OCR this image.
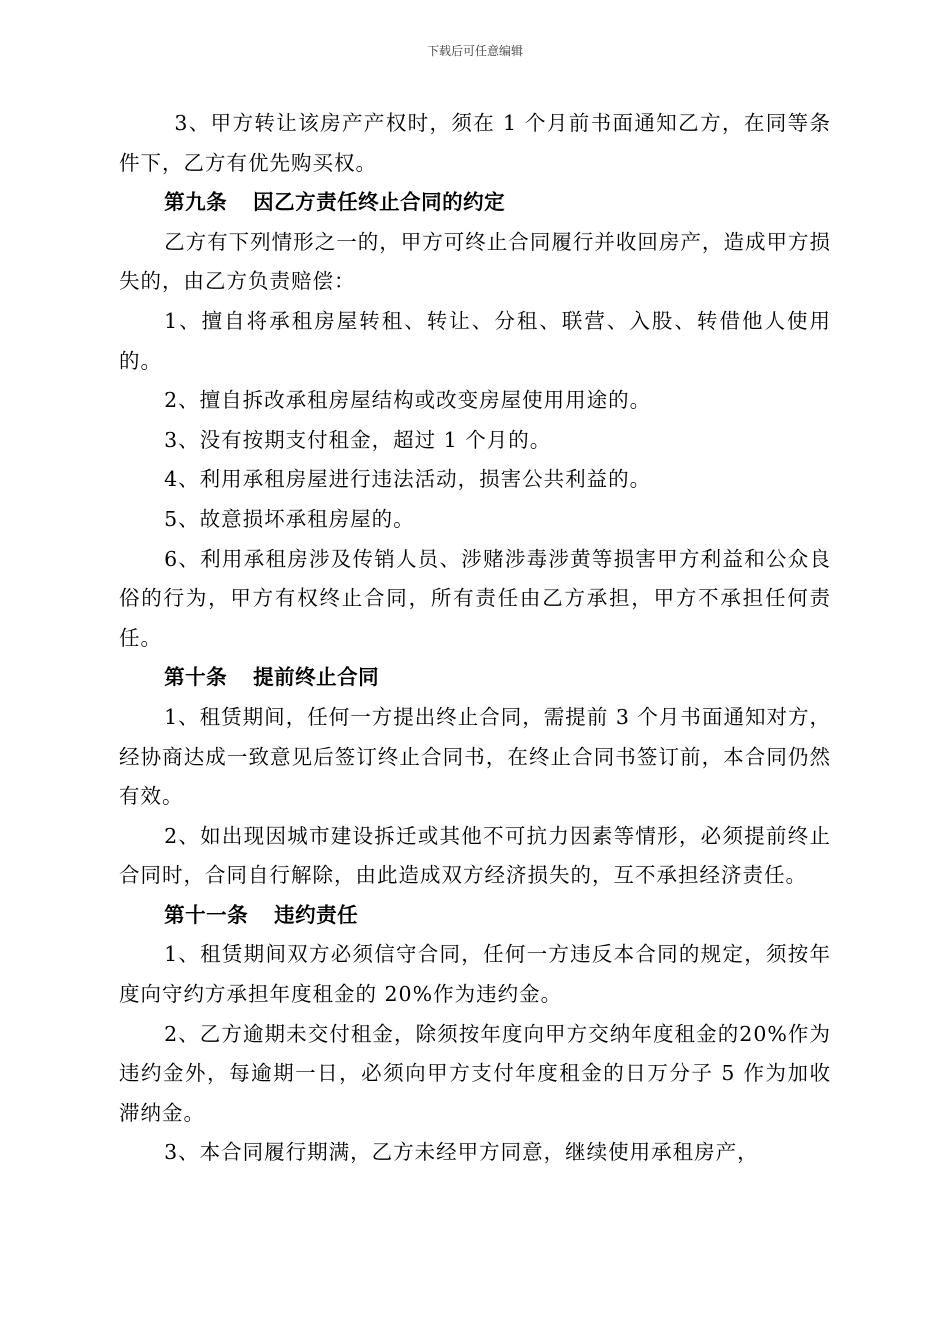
下载后可任意编辑

3、甲方转让该房产产权时，须在 1 个月前书面通知乙方，在同等条件下，乙方有优先购买权。

第九条 因乙方责任终止合同的约定

乙方有下列情形之一的，甲方可终止合同履行并收回房产，造成甲方损失的，由乙方负责赔偿：

1、擅自将承租房屋转租、转让、分租、联营、入股、转借他人使用的。

2、擅自拆改承租房屋结构或改变房屋使用用途的。

3、没有按期支付租金，超过 1 个月的。

4、利用承租房屋进行违法活动，损害公共利益的。

5、故意损坏承租房屋的。

6、利用承租房涉及传销人员、涉赌涉毒涉黄等损害甲方利益和公众良俗的行为，甲方有权终止合同，所有责任由乙方承担，甲方不承担任何责任。

第十条 提前终止合同

1、租赁期间，任何一方提出终止合同，需提前 3 个月书面通知对方，经协商达成一致意见后签订终止合同书，在终止合同书签订前，本合同仍然有效。

2、如出现因城市建设拆迁或其他不可抗力因素等情形，必须提前终止合同时，合同自行解除，由此造成双方经济损失的，互不承担经济责任。

第十一条 违约责任

1、租赁期间双方必须信守合同，任何一方违反本合同的规定，须按年度向守约方承担年度租金的 20%作为违约金。

2、乙方逾期未交付租金，除须按年度向甲方交纳年度租金的20%作为违约金外，每逾期一日，必须向甲方支付年度租金的日万分子 5 作为加收滞纳金。

3、本合同履行期满，乙方未经甲方同意，继续使用承租房产，
